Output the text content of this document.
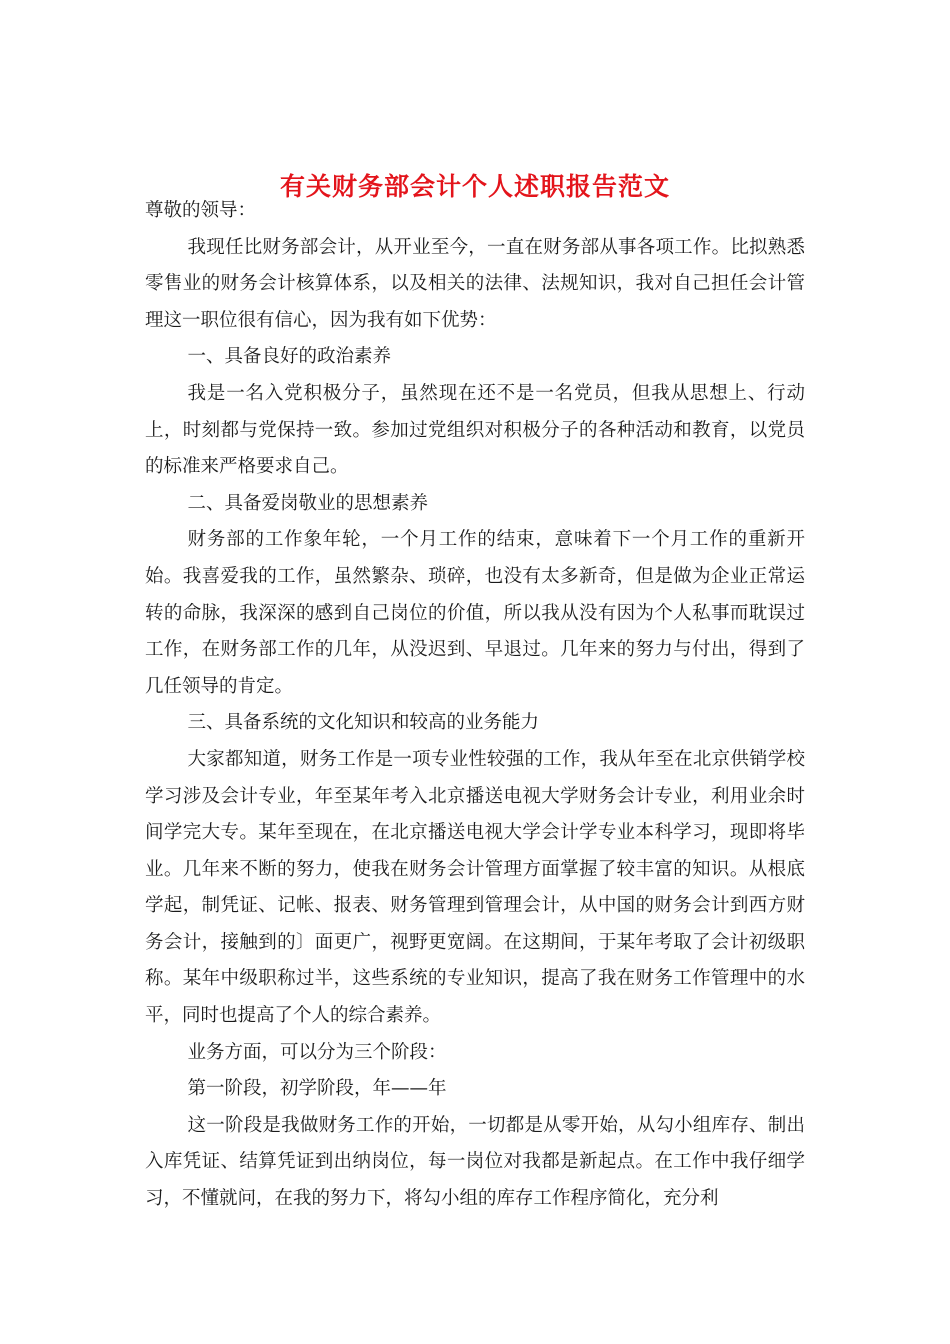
有关财务部会计个人述职报告范文

尊敬的领导：

我现任比财务部会计，从开业至今，一直在财务部从事各项工作。比拟熟悉零售业的财务会计核算体系，以及相关的法律、法规知识，我对自己担任会计管理这一职位很有信心，因为我有如下优势：

一、具备良好的政治素养

我是一名入党积极分子，虽然现在还不是一名党员，但我从思想上、行动上，时刻都与党保持一致。参加过党组织对积极分子的各种活动和教育，以党员的标准来严格要求自己。

二、具备爱岗敬业的思想素养

财务部的工作象年轮，一个月工作的结束，意味着下一个月工作的重新开始。我喜爱我的工作，虽然繁杂、琐碎，也没有太多新奇，但是做为企业正常运转的命脉，我深深的感到自己岗位的价值，所以我从没有因为个人私事而耽误过工作，在财务部工作的几年，从没迟到、早退过。几年来的努力与付出，得到了几任领导的肯定。

三、具备系统的文化知识和较高的业务能力

大家都知道，财务工作是一项专业性较强的工作，我从年至在北京供销学校学习涉及会计专业，年至某年考入北京播送电视大学财务会计专业，利用业余时间学完大专。某年至现在，在北京播送电视大学会计学专业本科学习，现即将毕业。几年来不断的努力，使我在财务会计管理方面掌握了较丰富的知识。从根底学起，制凭证、记帐、报表、财务管理到管理会计，从中国的财务会计到西方财务会计，接触到的〕面更广，视野更宽阔。在这期间，于某年考取了会计初级职称。某年中级职称过半，这些系统的专业知识，提高了我在财务工作管理中的水平，同时也提高了个人的综合素养。

业务方面，可以分为三个阶段：

第一阶段，初学阶段，年——年

这一阶段是我做财务工作的开始，一切都是从零开始，从勾小组库存、制出入库凭证、结算凭证到出纳岗位，每一岗位对我都是新起点。在工作中我仔细学习，不懂就问，在我的努力下，将勾小组的库存工作程序简化，充分利
